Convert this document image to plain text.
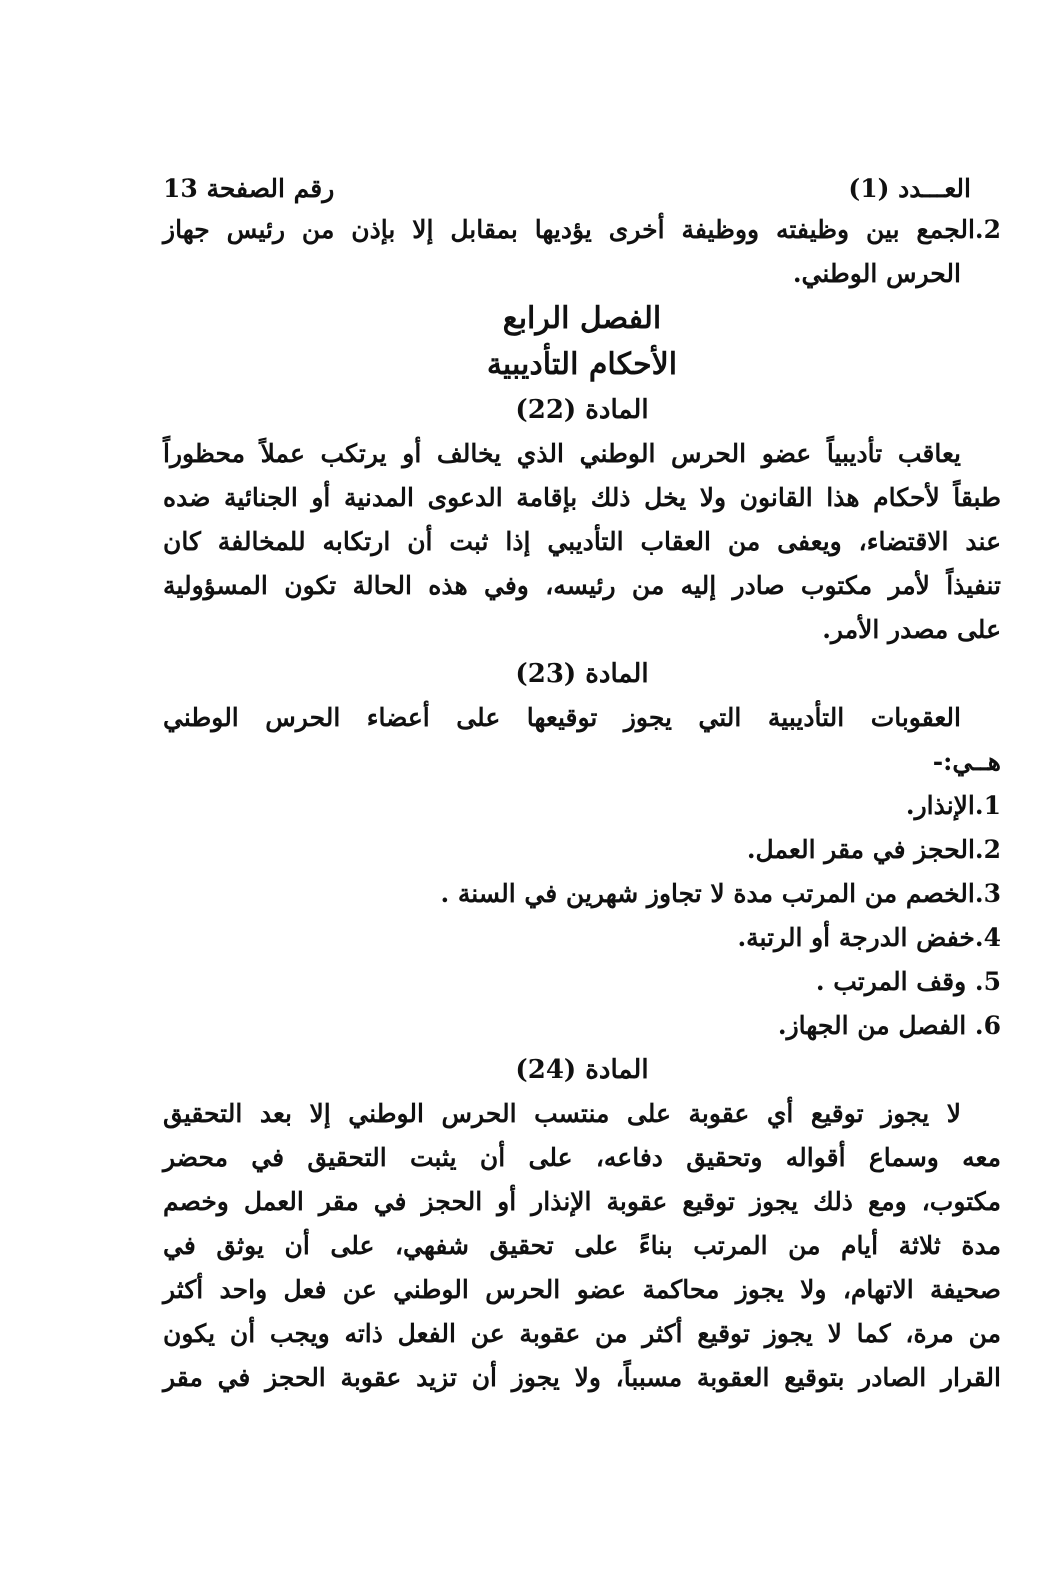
العـــدد (1)
رقم الصفحة 13
2.الجمع بين وظيفته ووظيفة أخرى يؤديها بمقابل إلا بإذن من رئيس جهاز
الحرس الوطني.
الفصل الرابع
الأحكام التأديبية
المادة (22)
يعاقب تأديبياً عضو الحرس الوطني الذي يخالف أو يرتكب عملاً محظوراً
طبقاً لأحكام هذا القانون ولا يخل ذلك بإقامة الدعوى المدنية أو الجنائية ضده
عند الاقتضاء، ويعفى من العقاب التأديبي إذا ثبت أن ارتكابه للمخالفة كان
تنفيذاً لأمر مكتوب صادر إليه من رئيسه، وفي هذه الحالة تكون المسؤولية
على مصدر الأمر.
المادة (23)
العقوبات التأديبية التي يجوز توقيعها على أعضاء الحرس الوطني
هــي:-
1.الإنذار.
2.الحجز في مقر العمل.
3.الخصم من المرتب مدة لا تجاوز شهرين في السنة .
4.خفض الدرجة أو الرتبة.
5. وقف المرتب .
6. الفصل من الجهاز.
المادة (24)
لا يجوز توقيع أي عقوبة على منتسب الحرس الوطني إلا بعد التحقيق
معه وسماع أقواله وتحقيق دفاعه، على أن يثبت التحقيق في محضر
مكتوب، ومع ذلك يجوز توقيع عقوبة الإنذار أو الحجز في مقر العمل وخصم
مدة ثلاثة أيام من المرتب بناءً على تحقيق شفهي، على أن يوثق في
صحيفة الاتهام، ولا يجوز محاكمة عضو الحرس الوطني عن فعل واحد أكثر
من مرة، كما لا يجوز توقيع أكثر من عقوبة عن الفعل ذاته ويجب أن يكون
القرار الصادر بتوقيع العقوبة مسبباً، ولا يجوز أن تزيد عقوبة الحجز في مقر
